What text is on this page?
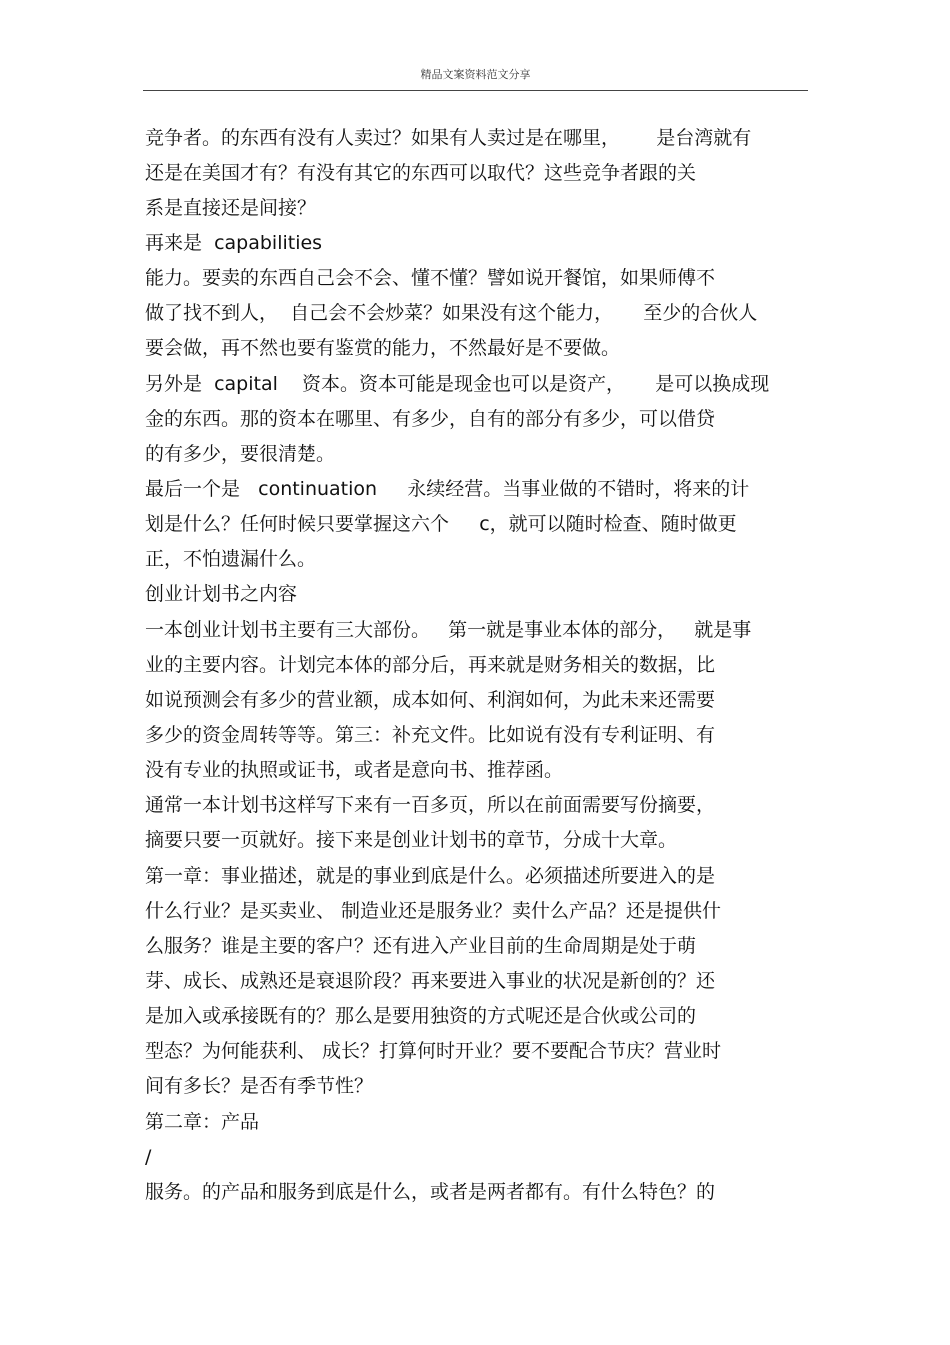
精品文案资料范文分享
竞争者。的东西有没有人卖过？如果有人卖过是在哪里，      是台湾就有
还是在美国才有？有没有其它的东西可以取代？这些竞争者跟的关
系是直接还是间接？
再来是  capabilities
能力。要卖的东西自己会不会、懂不懂？譬如说开餐馆，如果师傅不
做了找不到人，  自己会不会炒菜？如果没有这个能力，     至少的合伙人
要会做，再不然也要有鉴赏的能力，不然最好是不要做。
另外是  capital    资本。资本可能是现金也可以是资产，     是可以换成现
金的东西。那的资本在哪里、有多少，自有的部分有多少，可以借贷
的有多少，要很清楚。
最后一个是   continuation     永续经营。当事业做的不错时，将来的计
划是什么？任何时候只要掌握这六个     c，就可以随时检查、随时做更
正，不怕遗漏什么。
创业计划书之内容
一本创业计划书主要有三大部份。   第一就是事业本体的部分，   就是事
业的主要内容。计划完本体的部分后，再来就是财务相关的数据，比
如说预测会有多少的营业额，成本如何、利润如何，为此未来还需要
多少的资金周转等等。第三：补充文件。比如说有没有专利证明、有
没有专业的执照或证书，或者是意向书、推荐函。
通常一本计划书这样写下来有一百多页，所以在前面需要写份摘要，
摘要只要一页就好。接下来是创业计划书的章节，分成十大章。
第一章：事业描述，就是的事业到底是什么。必须描述所要进入的是
什么行业？是买卖业、 制造业还是服务业？卖什么产品？还是提供什
么服务？谁是主要的客户？还有进入产业目前的生命周期是处于萌
芽、成长、成熟还是衰退阶段？再来要进入事业的状况是新创的？还
是加入或承接既有的？那么是要用独资的方式呢还是合伙或公司的
型态？为何能获利、 成长？打算何时开业？要不要配合节庆？营业时
间有多长？是否有季节性？
第二章：产品
/
服务。的产品和服务到底是什么，或者是两者都有。有什么特色？的
